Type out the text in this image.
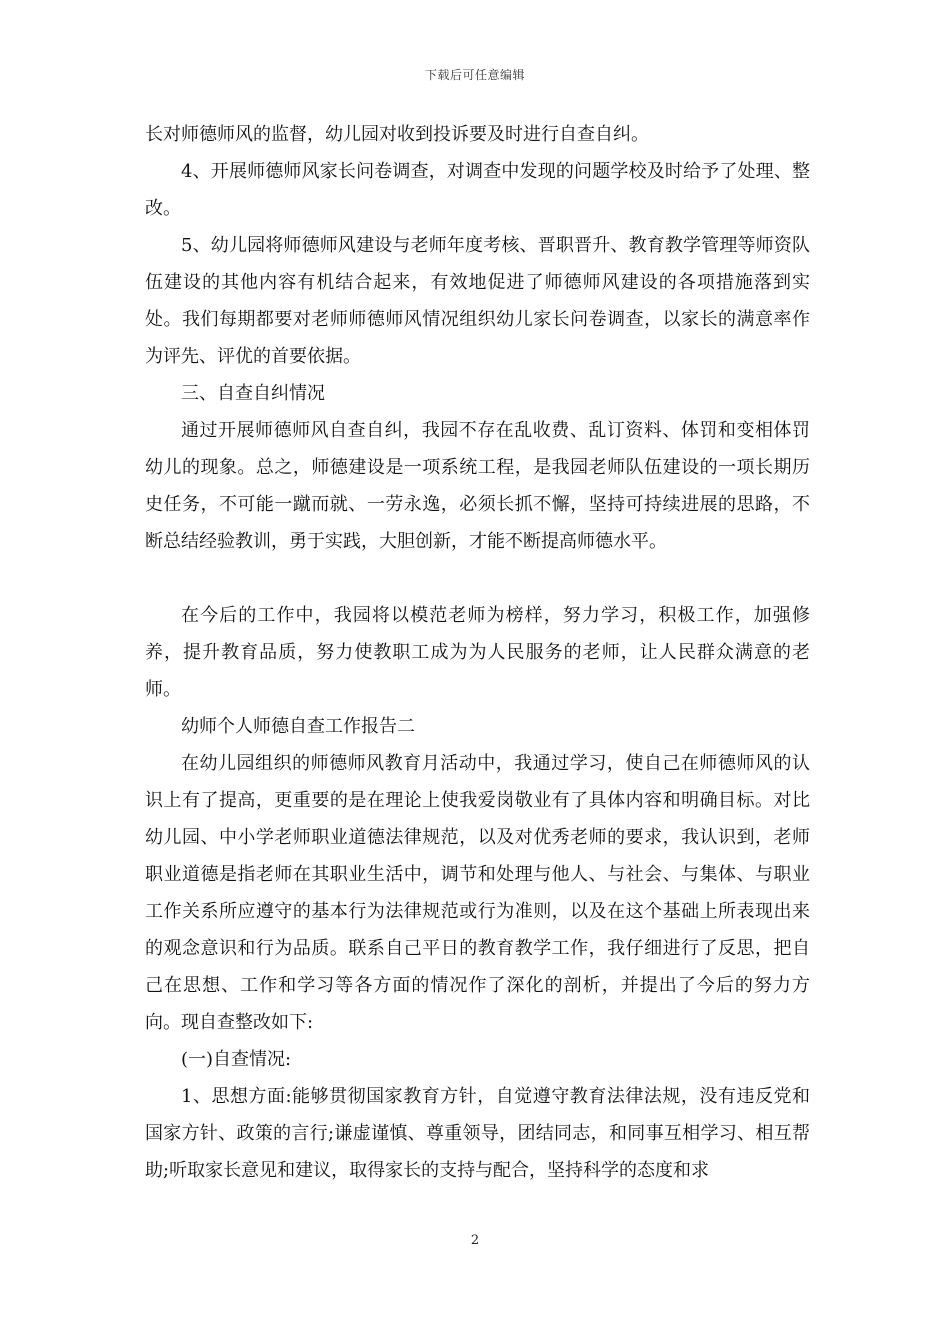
下载后可任意编辑

长对师德师风的监督，幼儿园对收到投诉要及时进行自查自纠。

4、开展师德师风家长问卷调查，对调查中发现的问题学校及时给予了处理、整改。

5、幼儿园将师德师风建设与老师年度考核、晋职晋升、教育教学管理等师资队伍建设的其他内容有机结合起来，有效地促进了师德师风建设的各项措施落到实处。我们每期都要对老师师德师风情况组织幼儿家长问卷调查，以家长的满意率作为评先、评优的首要依据。

三、自查自纠情况

通过开展师德师风自查自纠，我园不存在乱收费、乱订资料、体罚和变相体罚幼儿的现象。总之，师德建设是一项系统工程，是我园老师队伍建设的一项长期历史任务，不可能一蹴而就、一劳永逸，必须长抓不懈，坚持可持续进展的思路，不断总结经验教训，勇于实践，大胆创新，才能不断提高师德水平。

在今后的工作中，我园将以模范老师为榜样，努力学习，积极工作，加强修养，提升教育品质，努力使教职工成为为人民服务的老师，让人民群众满意的老师。

幼师个人师德自查工作报告二

在幼儿园组织的师德师风教育月活动中，我通过学习，使自己在师德师风的认识上有了提高，更重要的是在理论上使我爱岗敬业有了具体内容和明确目标。对比幼儿园、中小学老师职业道德法律规范，以及对优秀老师的要求，我认识到，老师职业道德是指老师在其职业生活中，调节和处理与他人、与社会、与集体、与职业工作关系所应遵守的基本行为法律规范或行为准则，以及在这个基础上所表现出来的观念意识和行为品质。联系自己平日的教育教学工作，我仔细进行了反思，把自己在思想、工作和学习等各方面的情况作了深化的剖析，并提出了今后的努力方向。现自查整改如下:

(一)自查情况:

1、思想方面:能够贯彻国家教育方针，自觉遵守教育法律法规，没有违反党和国家方针、政策的言行;谦虚谨慎、尊重领导，团结同志，和同事互相学习、相互帮助;听取家长意见和建议，取得家长的支持与配合，坚持科学的态度和求

2
